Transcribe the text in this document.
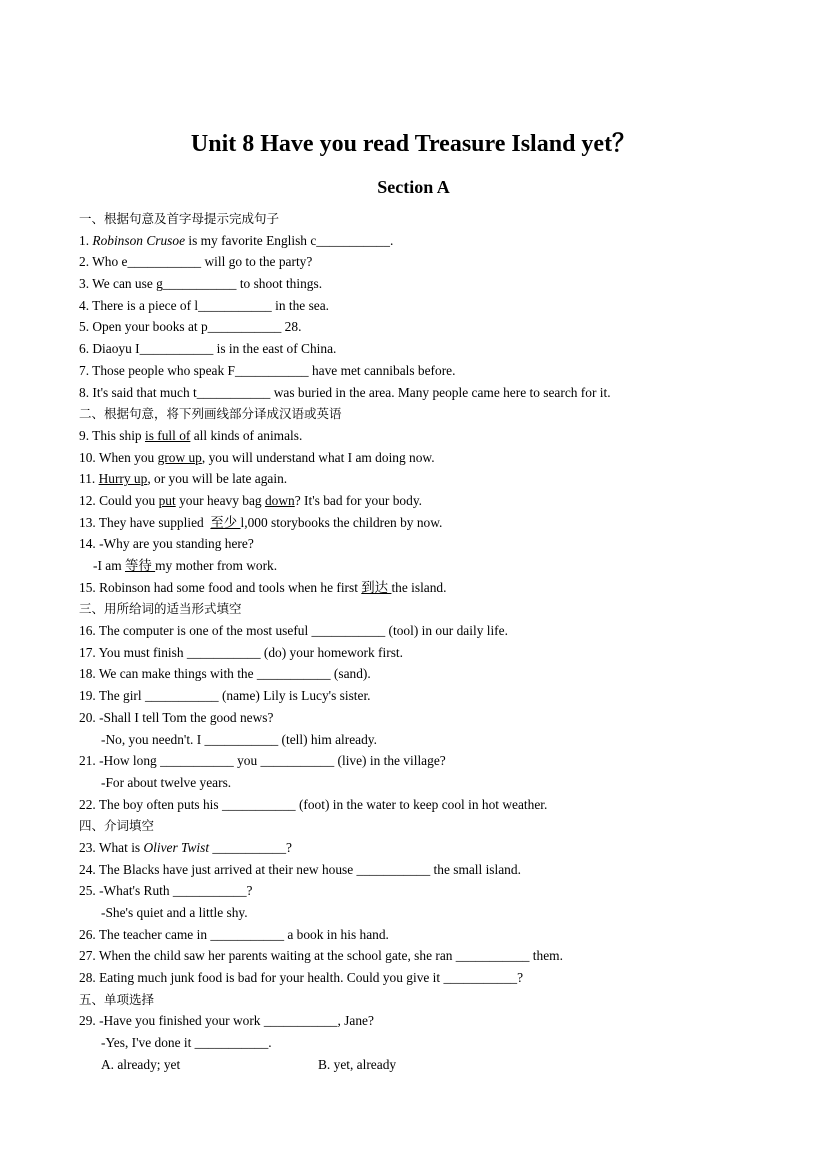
Unit 8 Have you read Treasure Island yet？
Section A
一、根据句意及首字母提示完成句子
1. Robinson Crusoe is my favorite English c___________.
2. Who e___________ will go to the party?
3. We can use g___________ to shoot things.
4. There is a piece of l___________ in the sea.
5. Open your books at p___________ 28.
6. Diaoyu I___________ is in the east of China.
7. Those people who speak F___________ have met cannibals before.
8. It's said that much t___________ was buried in the area. Many people came here to search for it.
二、根据句意，将下列画线部分译成汉语或英语
9. This ship is full of all kinds of animals.
10. When you grow up, you will understand what I am doing now.
11. Hurry up, or you will be late again.
12. Could you put your heavy bag down? It's bad for your body.
13. They have supplied  至少 l,000 storybooks the children by now.
14. -Why are you standing here?
-I am 等待 my mother from work.
15. Robinson had some food and tools when he first 到达 the island.
三、用所给词的适当形式填空
16. The computer is one of the most useful ___________ (tool) in our daily life.
17. You must finish ___________ (do) your homework first.
18. We can make things with the ___________ (sand).
19. The girl ___________ (name) Lily is Lucy's sister.
20. -Shall I tell Tom the good news?
-No, you needn't. I ___________ (tell) him already.
21. -How long ___________ you ___________ (live) in the village?
-For about twelve years.
22. The boy often puts his ___________ (foot) in the water to keep cool in hot weather.
四、介词填空
23. What is Oliver Twist ___________?
24. The Blacks have just arrived at their new house ___________ the small island.
25. -What's Ruth ___________?
-She's quiet and a little shy.
26. The teacher came in ___________ a book in his hand.
27. When the child saw her parents waiting at the school gate, she ran ___________ them.
28. Eating much junk food is bad for your health. Could you give it ___________?
五、单项选择
29. -Have you finished your work ___________, Jane?
-Yes, I've done it ___________.
A. already; yet	B. yet, already
